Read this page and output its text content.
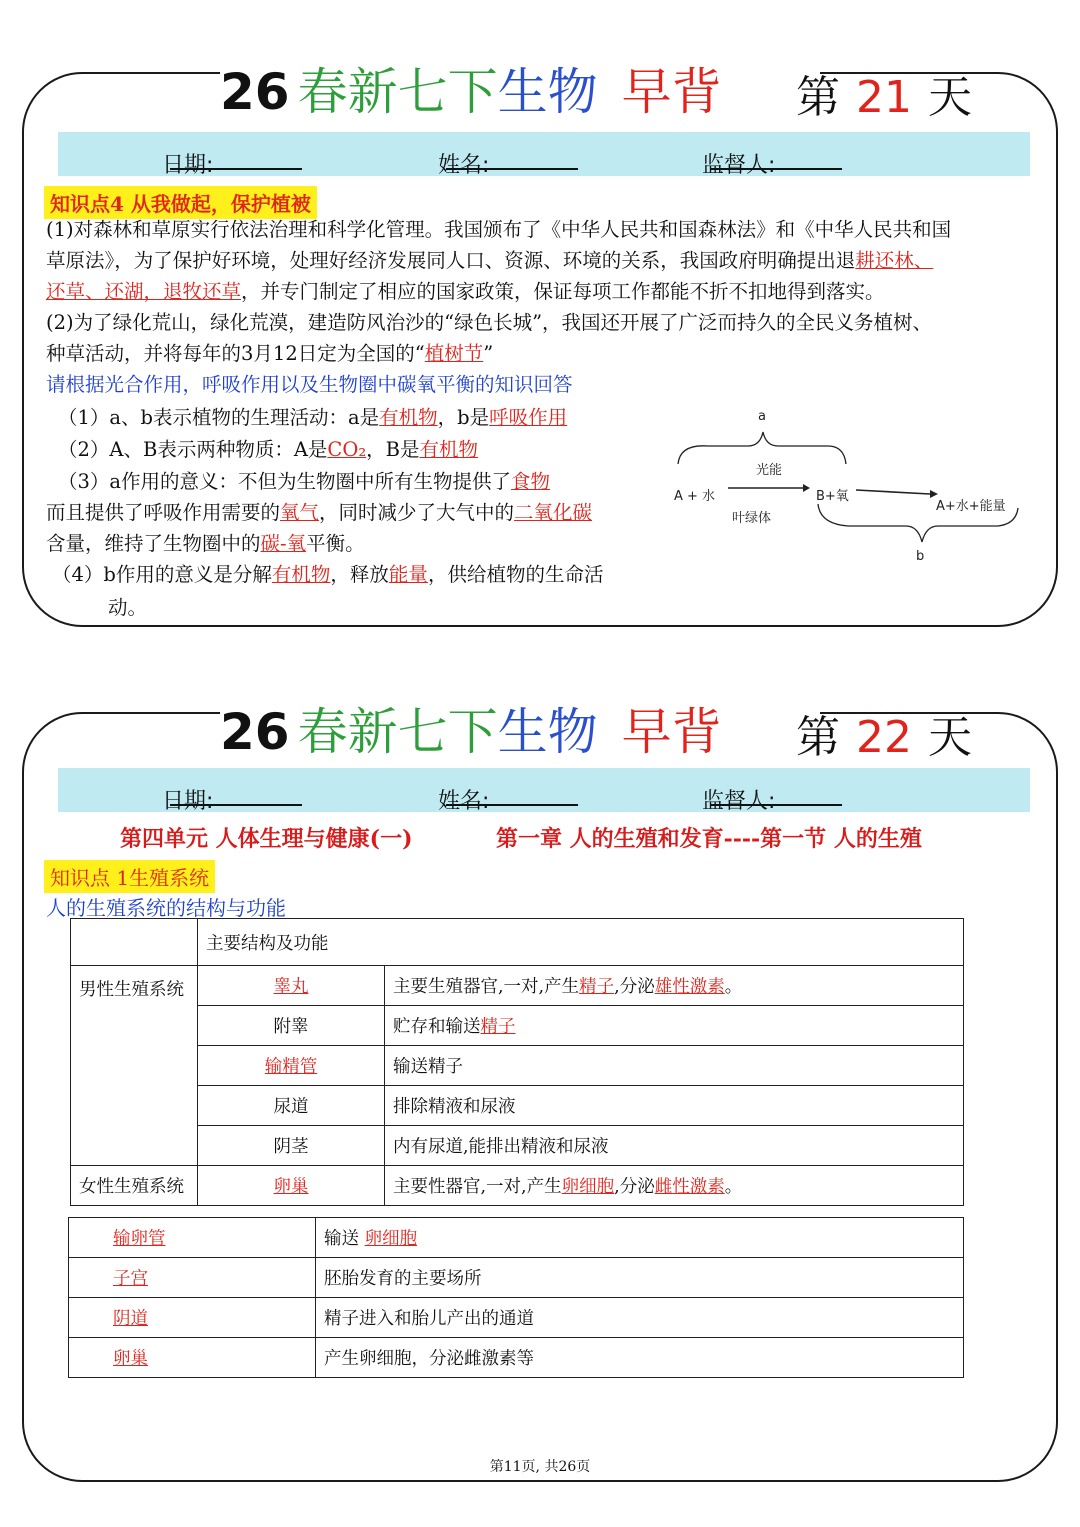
26 春新七下生物 早背	第 21 天
日期:	姓名:	监督人:
知识点4 从我做起，保护植被
(1)对森林和草原实行依法治理和科学化管理。我国颁布了《中华人民共和国森林法》和《中华人民共和国
草原法》，为了保护好环境，处理好经济发展同人口、资源、环境的关系，我国政府明确提出退耕还林、
还草、还湖，退牧还草，并专门制定了相应的国家政策，保证每项工作都能不折不扣地得到落实。
(2)为了绿化荒山，绿化荒漠，建造防风治沙的“绿色长城”，我国还开展了广泛而持久的全民义务植树、
种草活动，并将每年的3月12日定为全国的“植树节”
请根据光合作用，呼吸作用以及生物圈中碳氧平衡的知识回答
（1）a、b表示植物的生理活动：a是有机物，b是呼吸作用
（2）A、B表示两种物质：A是CO₂，B是有机物
（3）a作用的意义：不但为生物圈中所有生物提供了食物
而且提供了呼吸作用需要的氧气，同时减少了大气中的二氧化碳
含量，维持了生物圈中的碳-氧平衡。
（4）b作用的意义是分解有机物，释放能量，供给植物的生命活
动。
a
光能
A + 水
叶绿体
B+氧
A+水+能量
b
26 春新七下生物 早背	第 22 天
日期:	姓名:	监督人:
第四单元 人体生理与健康(一)	第一章 人的生殖和发育----第一节 人的生殖
知识点 1生殖系统
人的生殖系统的结构与功能
	主要结构及功能	
男性生殖系统	睾丸	主要生殖器官,一对,产生精子,分泌雄性激素。
	附睾	贮存和输送精子
	输精管	输送精子
	尿道	排除精液和尿液
	阴茎	内有尿道,能排出精液和尿液
女性生殖系统	卵巢	主要性器官,一对,产生卵细胞,分泌雌性激素。
输卵管	输送 卵细胞
子宫	胚胎发育的主要场所
阴道	精子进入和胎儿产出的通道
卵巢	产生卵细胞，分泌雌激素等
第11页, 共26页
